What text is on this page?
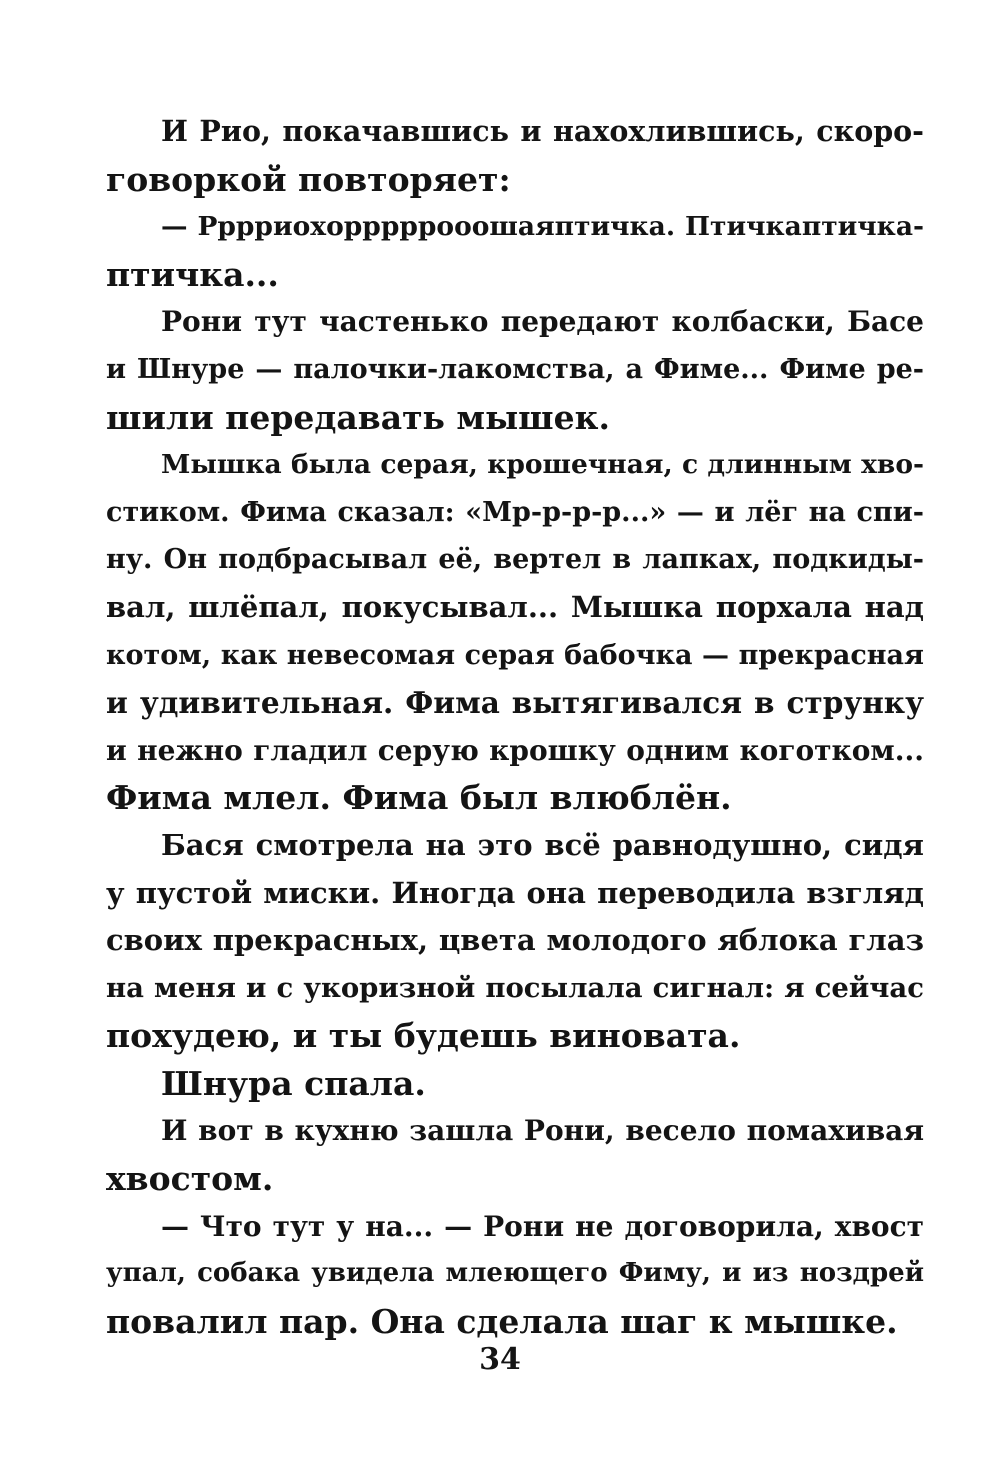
И Рио, покачавшись и нахохлившись, скоро-
говоркой повторяет:
— Рррриохорррррооошаяптичка. Птичкаптичка-
птичка...
Рони тут частенько передают колбаски, Басе
и Шнуре — палочки-лакомства, а Фиме... Фиме ре-
шили передавать мышек.
Мышка была серая, крошечная, с длинным хво-
стиком. Фима сказал: «Мр-р-р-р...» — и лёг на спи-
ну. Он подбрасывал её, вертел в лапках, подкиды-
вал, шлёпал, покусывал... Мышка порхала над
котом, как невесомая серая бабочка — прекрасная
и удивительная. Фима вытягивался в струнку
и нежно гладил серую крошку одним коготком...
Фима млел. Фима был влюблён.
Бася смотрела на это всё равнодушно, сидя
у пустой миски. Иногда она переводила взгляд
своих прекрасных, цвета молодого яблока глаз
на меня и с укоризной посылала сигнал: я сейчас
похудею, и ты будешь виновата.
Шнура спала.
И вот в кухню зашла Рони, весело помахивая
хвостом.
— Что тут у на... — Рони не договорила, хвост
упал, собака увидела млеющего Фиму, и из ноздрей
повалил пар. Она сделала шаг к мышке.
34
